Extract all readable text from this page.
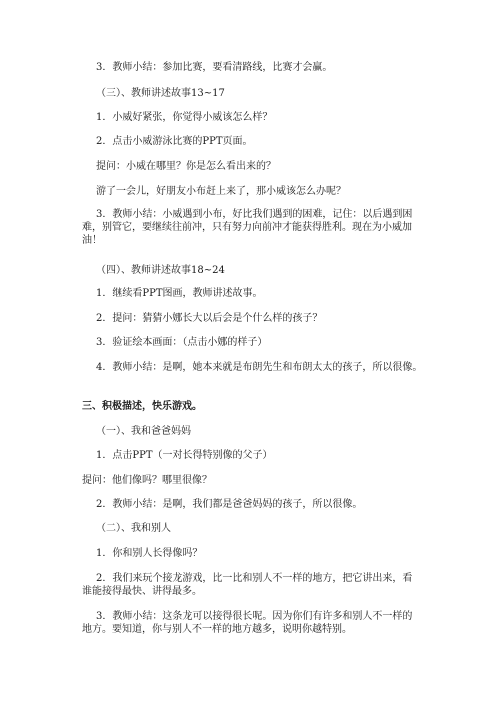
3．教师小结：参加比赛，要看清路线，比赛才会赢。
（三）、教师讲述故事13~17
1．小威好紧张，你觉得小威该怎么样？
2．点击小威游泳比赛的PPT页面。
提问：小威在哪里？你是怎么看出来的？
游了一会儿，好朋友小布赶上来了，那小威该怎么办呢？
3．教师小结：小威遇到小布，好比我们遇到的困难，记住：以后遇到困难，别管它，要继续往前冲，只有努力向前冲才能获得胜利。现在为小威加油！
（四）、教师讲述故事18~24
1．继续看PPT图画，教师讲述故事。
2．提问：猜猜小娜长大以后会是个什么样的孩子？
3．验证绘本画面：（点击小娜的样子）
4．教师小结：是啊，她本来就是布朗先生和布朗太太的孩子，所以很像。
三、积极描述，快乐游戏。
（一）、我和爸爸妈妈
1．点击PPT（一对长得特别像的父子）
提问：他们像吗？哪里很像？
2．教师小结：是啊，我们都是爸爸妈妈的孩子，所以很像。
（二）、我和别人
1．你和别人长得像吗？
2．我们来玩个接龙游戏，比一比和别人不一样的地方，把它讲出来，看谁能接得最快、讲得最多。
3．教师小结：这条龙可以接得很长呢。因为你们有许多和别人不一样的地方。要知道，你与别人不一样的地方越多，说明你越特别。
